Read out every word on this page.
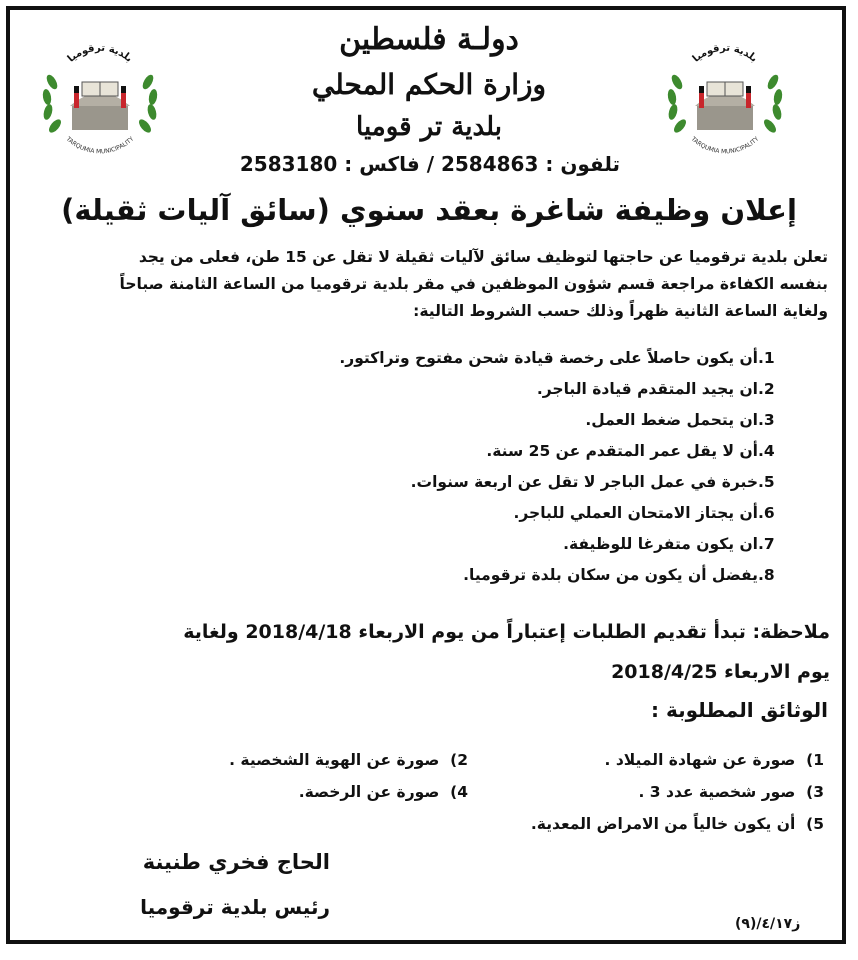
بلدية ترقوميا
TARQUMIA MUNICIPALITY
بلدية ترقوميا
TARQUMIA MUNICIPALITY
دولـة فلسطين
وزارة الحكم المحلي
بلدية تر قوميا
تلفون : 2584863 / فاكس : 2583180
إعلان وظيفة شاغرة بعقد سنوي (سائق آليات ثقيلة)
تعلن بلدية ترقوميا عن حاجتها لتوظيف سائق لآليات ثقيلة لا تقل عن 15 طن، فعلى من يجد
بنفسه الكفاءة مراجعة قسم شؤون الموظفين في مقر بلدية ترقوميا من الساعة الثامنة صباحاً
ولغاية الساعة الثانية ظهراً وذلك حسب الشروط التالية:
1.
أن يكون حاصلاً على رخصة قيادة شحن مفتوح وتراكتور.
2.
ان يجيد المتقدم قيادة الباجر.
3.
ان يتحمل ضغط العمل.
4.
أن لا يقل عمر المتقدم عن 25 سنة.
5.
خبرة في عمل الباجر لا تقل عن اربعة سنوات.
6.
أن يجتاز الامتحان العملي للباجر.
7.
ان يكون متفرغا للوظيفة.
8.
يفضل أن يكون من سكان بلدة ترقوميا.
ملاحظة: تبدأ تقديم الطلبات إعتباراً من يوم الاربعاء 2018/4/18 ولغاية
يوم الاربعاء 2018/4/25
الوثائق المطلوبة :
1)  صورة عن شهادة الميلاد .
2)  صورة عن الهوية الشخصية .
3)  صور شخصية عدد 3 .
4)  صورة عن الرخصة.
5)  أن يكون خالياً من الامراض المعدية.
الحاج فخري طنينة
رئيس بلدية ترقوميا
ز٤/١٧/(٩)
